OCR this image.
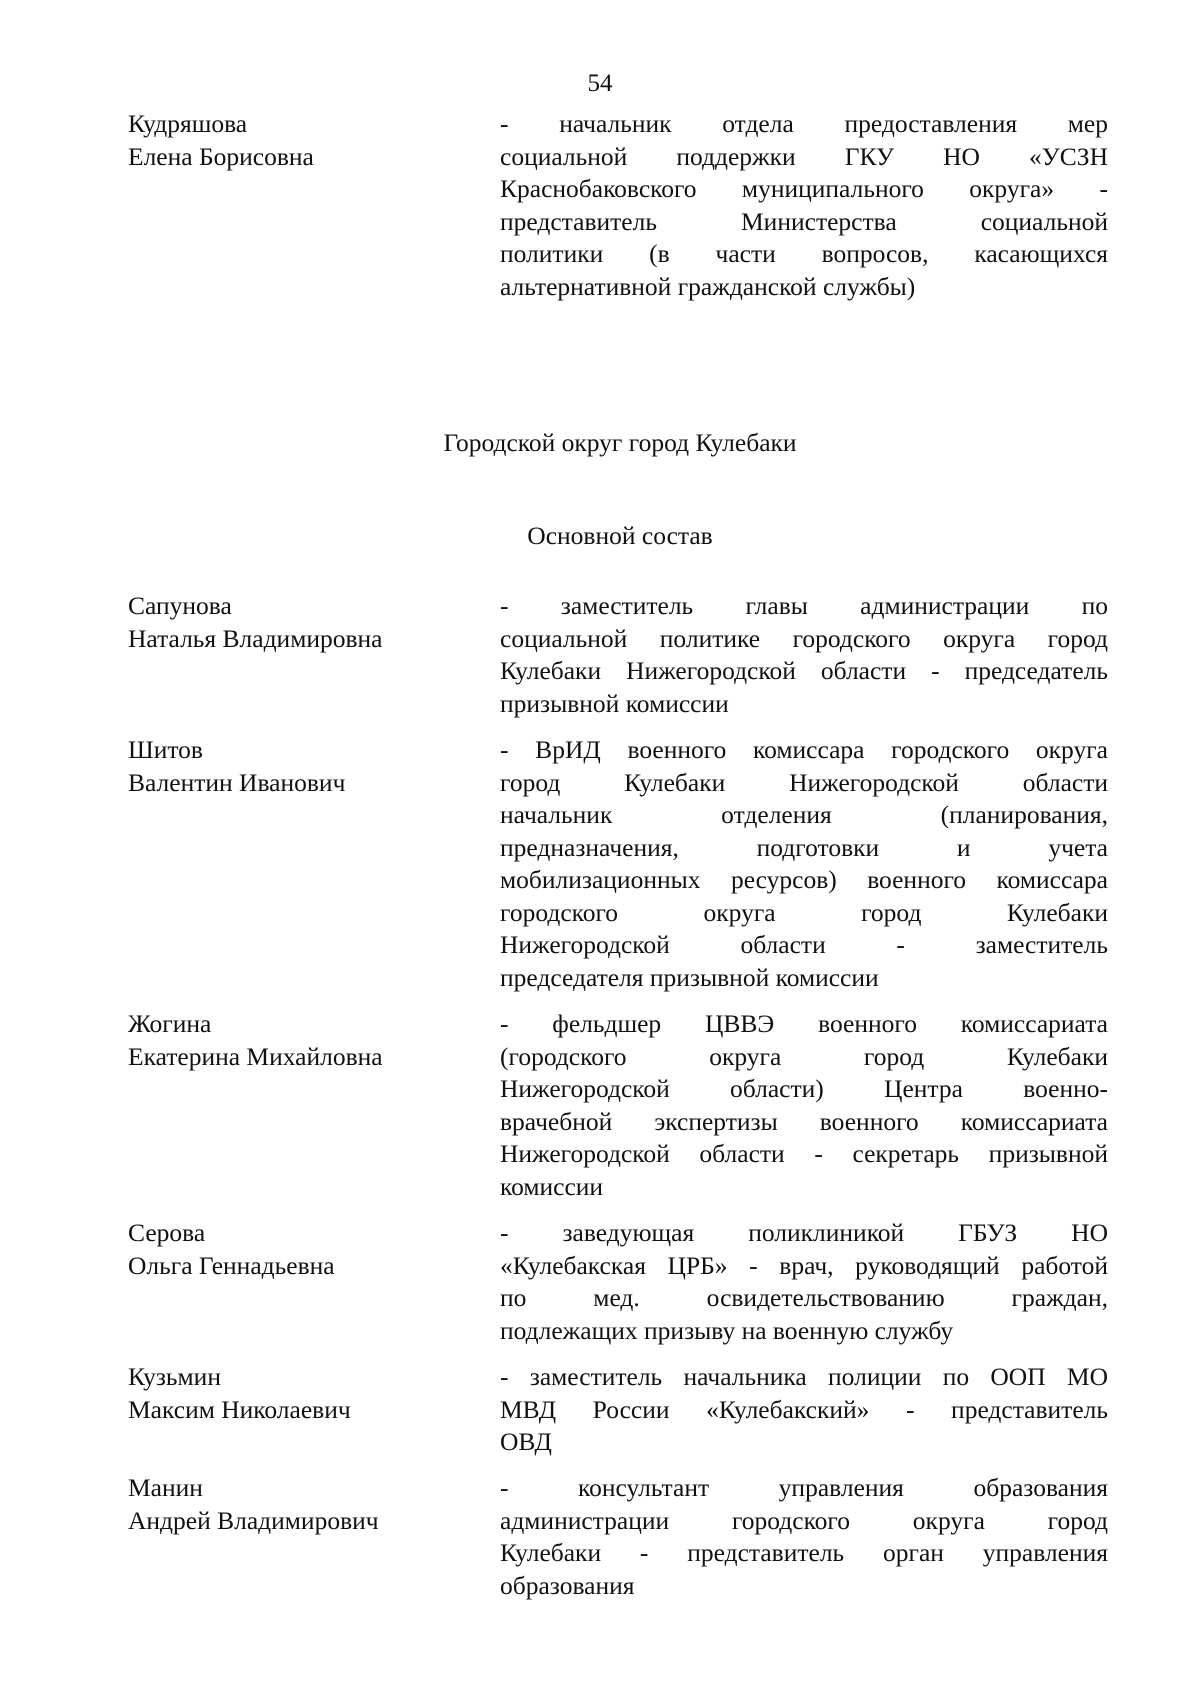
54
Кудряшова
Елена Борисовна
- начальник отдела предоставления мер
социальной поддержки ГКУ НО «УСЗН
Краснобаковского муниципального округа» -
представитель Министерства социальной
политики (в части вопросов, касающихся
альтернативной гражданской службы)
Городской округ город Кулебаки
Основной состав
Сапунова
Наталья Владимировна
- заместитель главы администрации по
социальной политике городского округа город
Кулебаки Нижегородской области - председатель
призывной комиссии
Шитов
Валентин Иванович
- ВрИД военного комиссара городского округа
город Кулебаки Нижегородской области
начальник отделения (планирования,
предназначения, подготовки и учета
мобилизационных ресурсов) военного комиссара
городского округа город Кулебаки
Нижегородской области - заместитель
председателя призывной комиссии
Жогина
Екатерина Михайловна
- фельдшер ЦВВЭ военного комиссариата
(городского округа город Кулебаки
Нижегородской области) Центра военно-
врачебной экспертизы военного комиссариата
Нижегородской области - секретарь призывной
комиссии
Серова
Ольга Геннадьевна
- заведующая поликлиникой ГБУЗ НО
«Кулебакская ЦРБ» - врач, руководящий работой
по мед. освидетельствованию граждан,
подлежащих призыву на военную службу
Кузьмин
Максим Николаевич
- заместитель начальника полиции по ООП МО
МВД России «Кулебакский» - представитель
ОВД
Манин
Андрей Владимирович
- консультант управления образования
администрации городского округа город
Кулебаки - представитель орган управления
образования
